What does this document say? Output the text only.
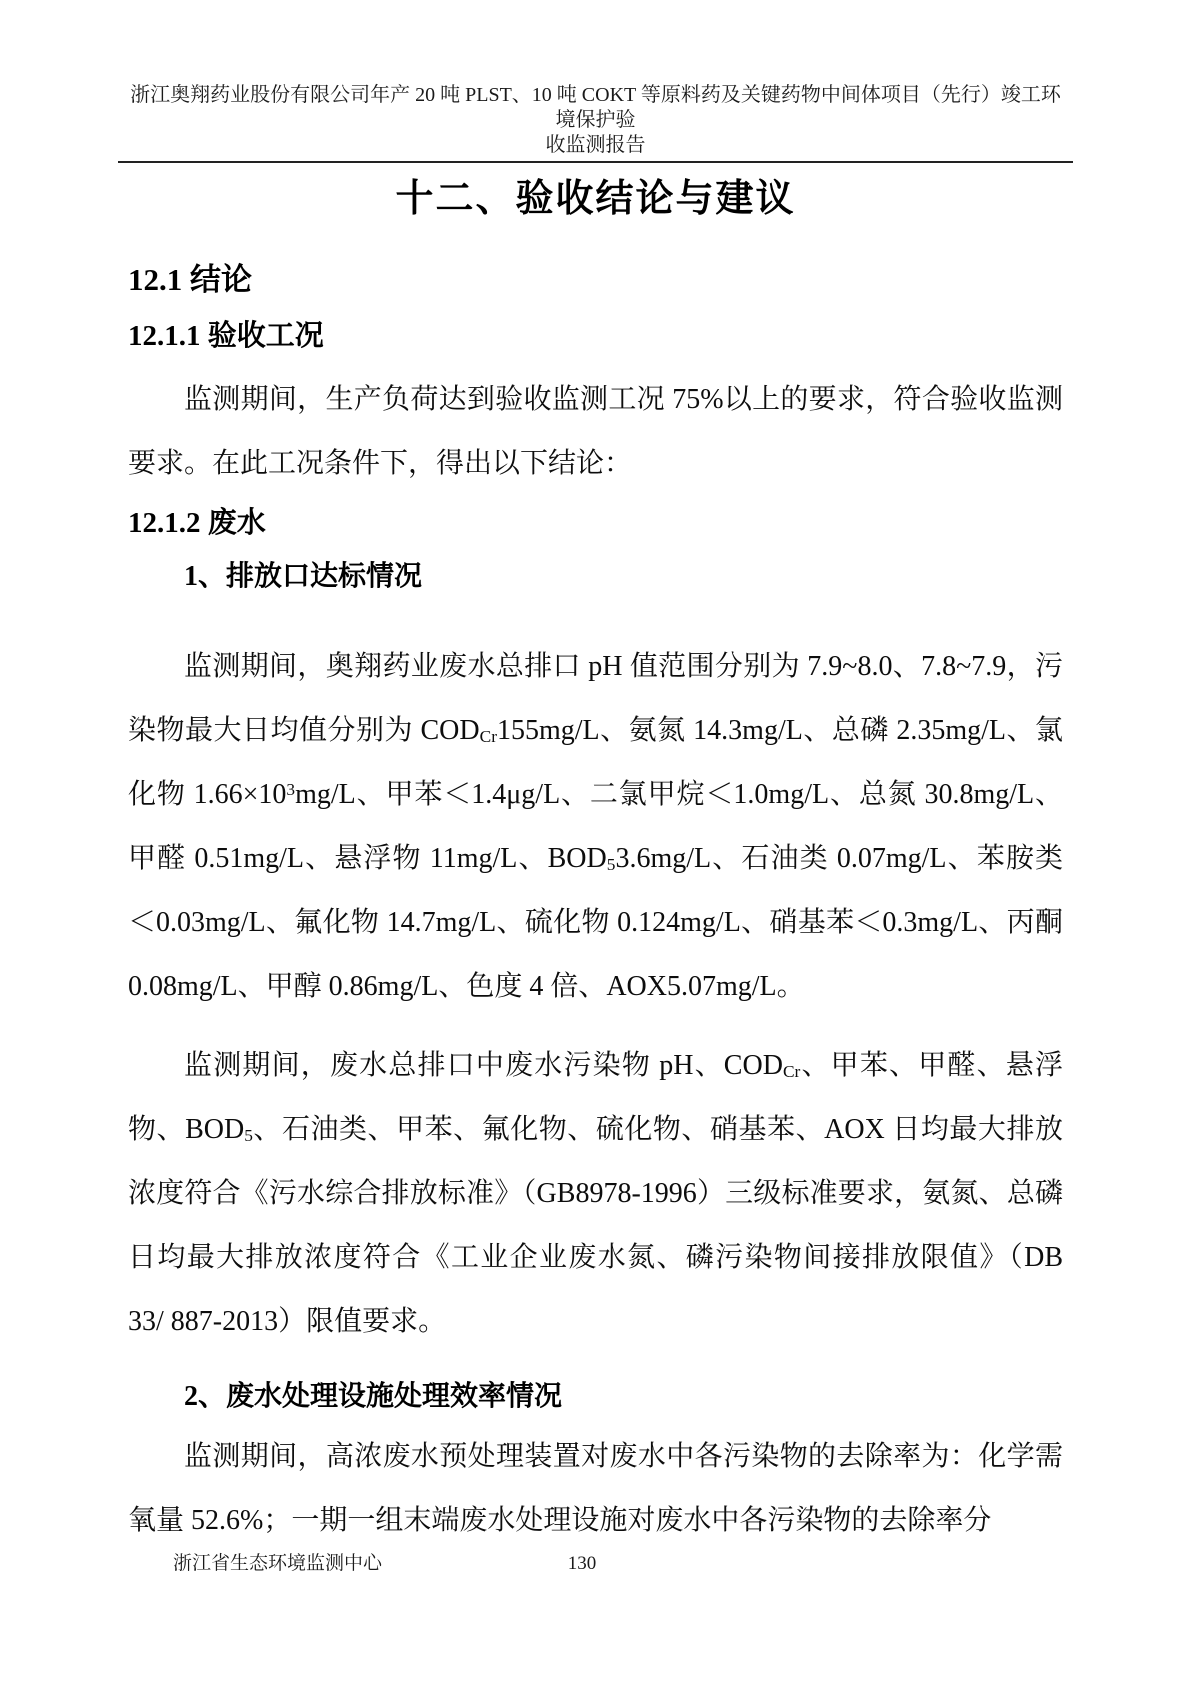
浙江奥翔药业股份有限公司年产 20 吨 PLST、10 吨 COKT 等原料药及关键药物中间体项目（先行）竣工环境保护验
收监测报告
十二、验收结论与建议
12.1 结论
12.1.1 验收工况

监测期间，生产负荷达到验收监测工况 75%以上的要求，符合验收监测要求。在此工况条件下，得出以下结论：

12.1.2 废水
1、排放口达标情况

监测期间，奥翔药业废水总排口 pH 值范围分别为 7.9~8.0、7.8~7.9，污染物最大日均值分别为 $COD_{Cr}155mg/L$、氨氮 14.3mg/L、总磷 2.35mg/L、氯化物 $1.66\times 10^3mg/L$、甲苯＜1.4μg/L、二氯甲烷＜1.0mg/L、总氮 30.8mg/L、甲醛 0.51mg/L、悬浮物 11mg/L、$BOD_53.6mg/L$、石油类 0.07mg/L、苯胺类＜0.03mg/L、氟化物 14.7mg/L、硫化物 0.124mg/L、硝基苯＜0.3mg/L、丙酮 0.08mg/L、甲醇 0.86mg/L、色度 4 倍、AOX5.07mg/L。

监测期间，废水总排口中废水污染物 pH、$COD_{Cr}$、甲苯、甲醛、悬浮物、$BOD_5$、石油类、甲苯、氟化物、硫化物、硝基苯、AOX 日均最大排放浓度符合《污水综合排放标准》（GB8978-1996）三级标准要求，氨氮、总磷日均最大排放浓度符合《工业企业废水氮、磷污染物间接排放限值》（DB 33/ 887-2013）限值要求。

2、废水处理设施处理效率情况

监测期间，高浓废水预处理装置对废水中各污染物的去除率为：化学需氧量 52.6%；一期一组末端废水处理设施对废水中各污染物的去除率分

浙江省生态环境监测中心	130
